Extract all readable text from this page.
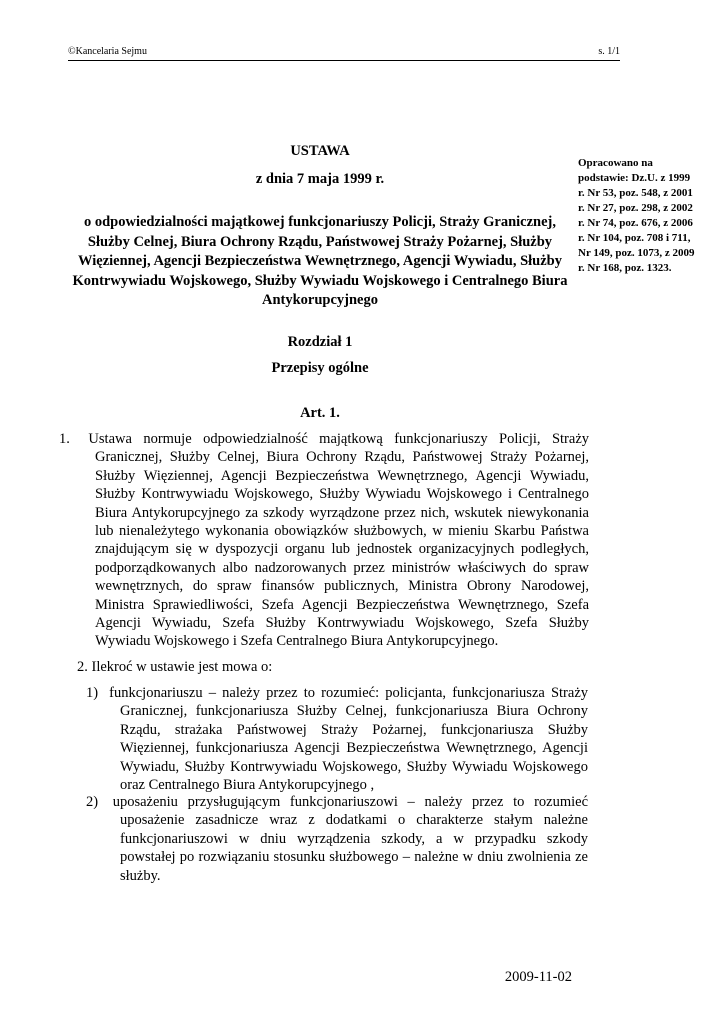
©Kancelaria Sejmu	s. 1/1
Opracowano na podstawie: Dz.U. z 1999 r. Nr 53, poz. 548, z 2001 r. Nr 27, poz. 298, z 2002 r. Nr 74, poz. 676, z 2006 r. Nr 104, poz. 708 i 711, Nr 149, poz. 1073, z 2009 r. Nr 168, poz. 1323.

USTAWA

z dnia 7 maja 1999 r.

o odpowiedzialności majątkowej funkcjonariuszy Policji, Straży Granicznej, Służby Celnej, Biura Ochrony Rządu, Państwowej Straży Pożarnej, Służby Więziennej, Agencji Bezpieczeństwa Wewnętrznego, Agencji Wywiadu, Służby Kontrwywiadu Wojskowego, Służby Wywiadu Wojskowego i Centralnego Biura Antykorupcyjnego

Rozdział 1
Przepisy ogólne
Art. 1.
1. Ustawa normuje odpowiedzialność majątkową funkcjonariuszy Policji, Straży Granicznej, Służby Celnej, Biura Ochrony Rządu, Państwowej Straży Pożarnej, Służby Więziennej, Agencji Bezpieczeństwa Wewnętrznego, Agencji Wywiadu, Służby Kontrwywiadu Wojskowego, Służby Wywiadu Wojskowego i Centralnego Biura Antykorupcyjnego za szkody wyrządzone przez nich, wskutek niewykonania lub nienależytego wykonania obowiązków służbowych, w mieniu Skarbu Państwa znajdującym się w dyspozycji organu lub jednostek organizacyjnych podległych, podporządkowanych albo nadzorowanych przez ministrów właściwych do spraw wewnętrznych, do spraw finansów publicznych, Ministra Obrony Narodowej, Ministra Sprawiedliwości, Szefa Agencji Bezpieczeństwa Wewnętrznego, Szefa Agencji Wywiadu, Szefa Służby Kontrwywiadu Wojskowego, Szefa Służby Wywiadu Wojskowego i Szefa Centralnego Biura Antykorupcyjnego.
2. Ilekroć w ustawie jest mowa o:
1) funkcjonariuszu – należy przez to rozumieć: policjanta, funkcjonariusza Straży Granicznej, funkcjonariusza Służby Celnej, funkcjonariusza Biura Ochrony Rządu, strażaka Państwowej Straży Pożarnej, funkcjonariusza Służby Więziennej, funkcjonariusza Agencji Bezpieczeństwa Wewnętrznego, Agencji Wywiadu, Służby Kontrwywiadu Wojskowego, Służby Wywiadu Wojskowego oraz Centralnego Biura Antykorupcyjnego ,
2) uposażeniu przysługującym funkcjonariuszowi – należy przez to rozumieć uposażenie zasadnicze wraz z dodatkami o charakterze stałym należne funkcjonariuszowi w dniu wyrządzenia szkody, a w przypadku szkody powstałej po rozwiązaniu stosunku służbowego – należne w dniu zwolnienia ze służby.
2009-11-02
